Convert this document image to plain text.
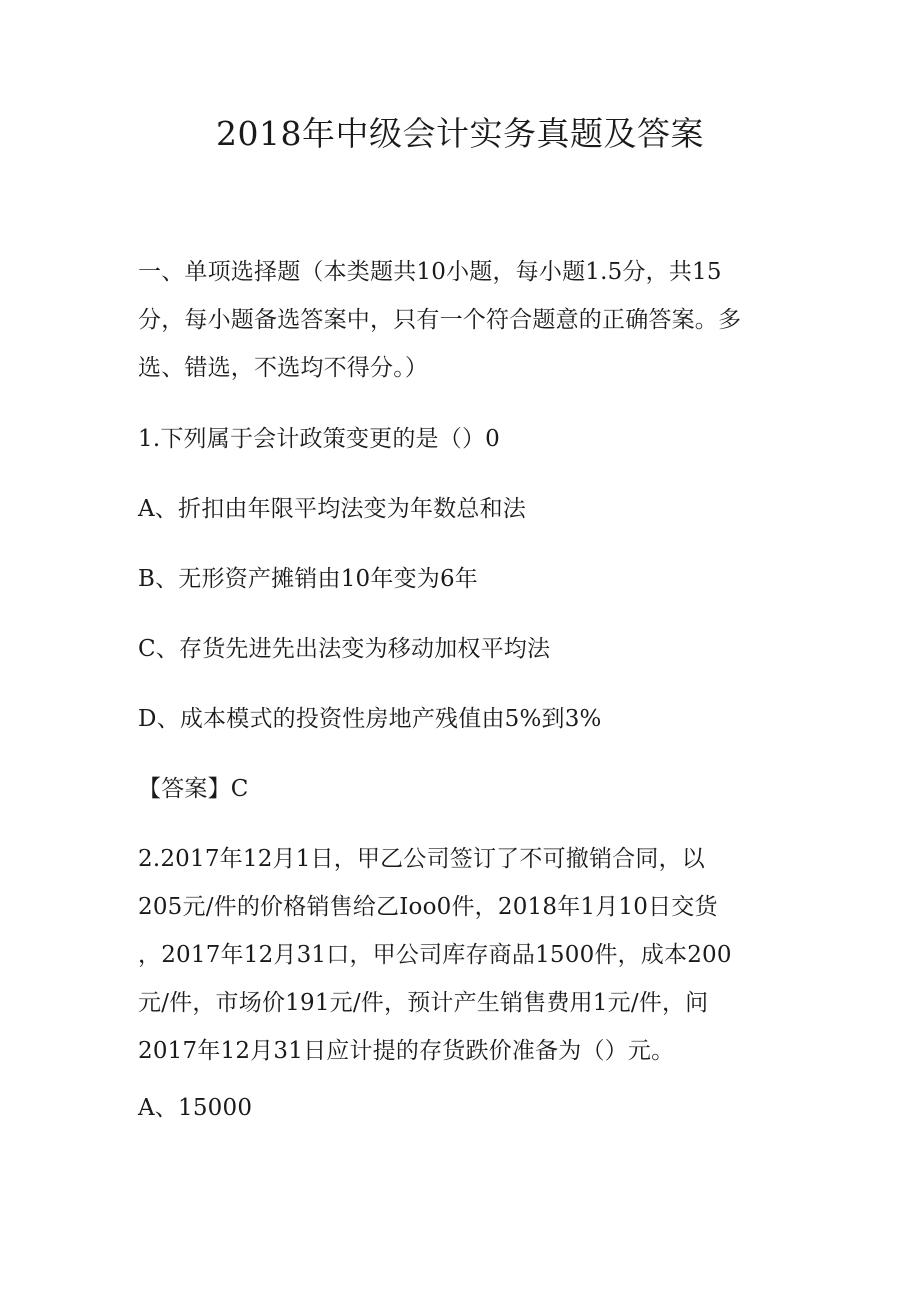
2018年中级会计实务真题及答案
一、单项选择题（本类题共10小题，每小题1.5分，共15
分，每小题备选答案中，只有一个符合题意的正确答案。多
选、错选，不选均不得分。）
1.下列属于会计政策变更的是（）0
A、折扣由年限平均法变为年数总和法
B、无形资产摊销由10年变为6年
C、存货先进先出法变为移动加权平均法
D、成本模式的投资性房地产残值由5%到3%
【答案】C
2.2017年12月1日，甲乙公司签订了不可撤销合同，以
205元/件的价格销售给乙Ioo0件，2018年1月10日交货
，2017年12月31口，甲公司库存商品1500件，成本200
元/件，市场价191元/件，预计产生销售费用1元/件，问
2017年12月31日应计提的存货跌价准备为（）元。
A、15000
